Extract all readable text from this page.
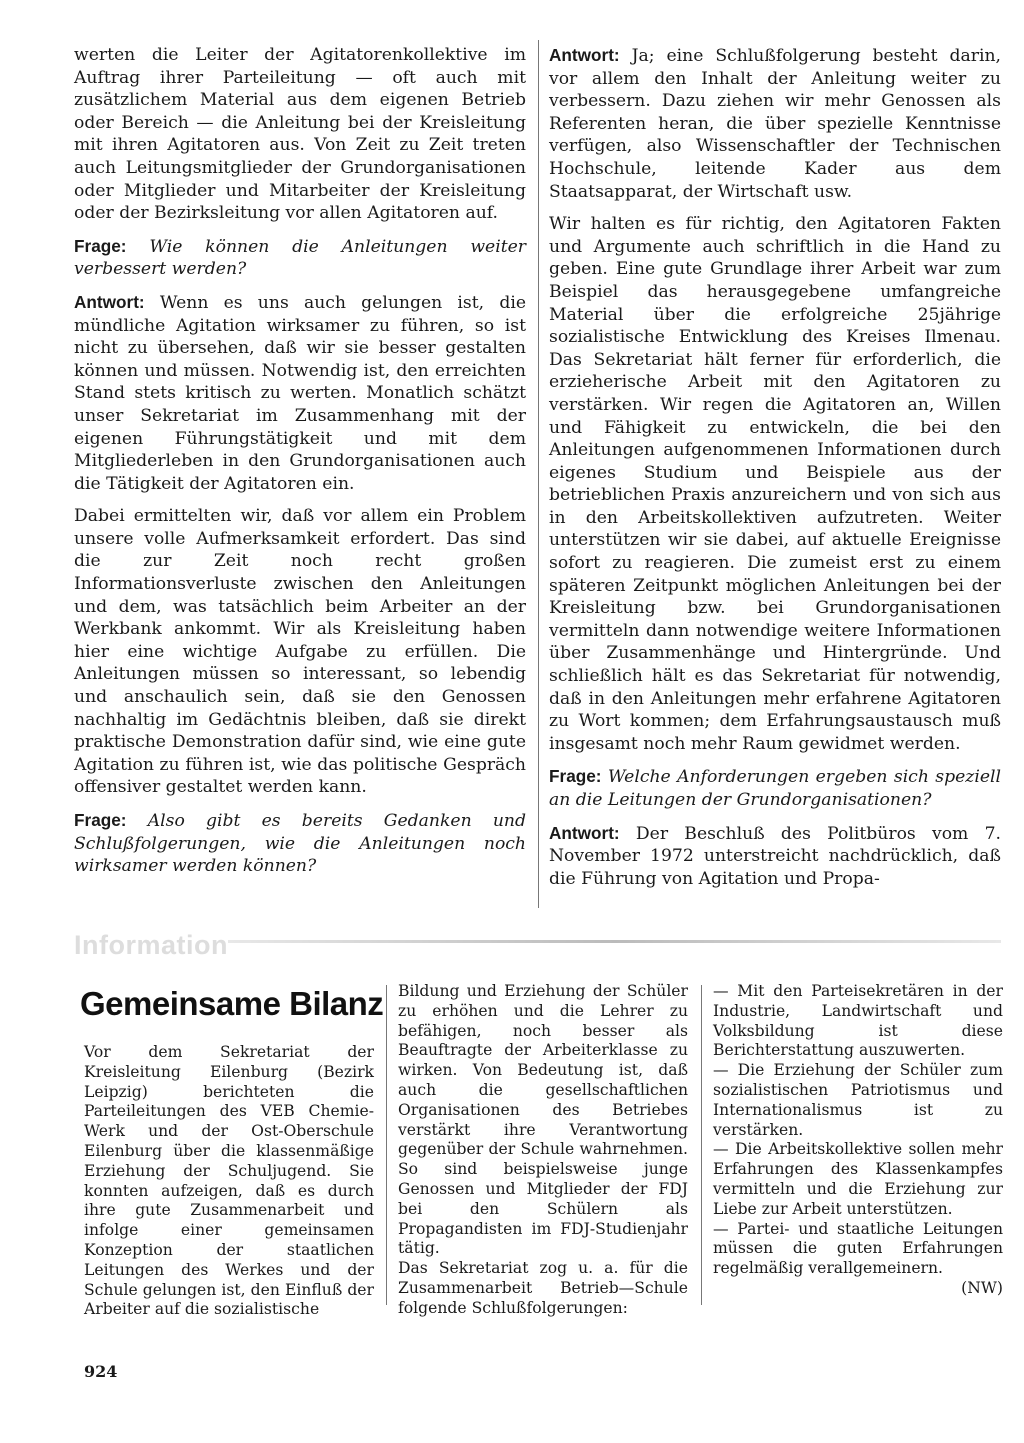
werten die Leiter der Agitatorenkollektive im Auftrag ihrer Parteileitung — oft auch mit zusätzlichem Material aus dem eigenen Betrieb oder Bereich — die Anleitung bei der Kreisleitung mit ihren Agitatoren aus. Von Zeit zu Zeit treten auch Leitungsmitglieder der Grundorganisationen oder Mitglieder und Mitarbeiter der Kreisleitung oder der Bezirksleitung vor allen Agitatoren auf.

Frage: Wie können die Anleitungen weiter verbessert werden?

Antwort: Wenn es uns auch gelungen ist, die mündliche Agitation wirksamer zu führen, so ist nicht zu übersehen, daß wir sie besser gestalten können und müssen. Notwendig ist, den erreichten Stand stets kritisch zu werten. Monatlich schätzt unser Sekretariat im Zusammenhang mit der eigenen Führungstätigkeit und mit dem Mitgliederleben in den Grundorganisationen auch die Tätigkeit der Agitatoren ein.

Dabei ermittelten wir, daß vor allem ein Problem unsere volle Aufmerksamkeit erfordert. Das sind die zur Zeit noch recht großen Informationsverluste zwischen den Anleitungen und dem, was tatsächlich beim Arbeiter an der Werkbank ankommt. Wir als Kreisleitung haben hier eine wichtige Aufgabe zu erfüllen. Die Anleitungen müssen so interessant, so lebendig und anschaulich sein, daß sie den Genossen nachhaltig im Gedächtnis bleiben, daß sie direkt praktische Demonstration dafür sind, wie eine gute Agitation zu führen ist, wie das politische Gespräch offensiver gestaltet werden kann.

Frage: Also gibt es bereits Gedanken und Schlußfolgerungen, wie die Anleitungen noch wirksamer werden können?

Antwort: Ja; eine Schlußfolgerung besteht darin, vor allem den Inhalt der Anleitung weiter zu verbessern. Dazu ziehen wir mehr Genossen als Referenten heran, die über spezielle Kenntnisse verfügen, also Wissenschaftler der Technischen Hochschule, leitende Kader aus dem Staatsapparat, der Wirtschaft usw.

Wir halten es für richtig, den Agitatoren Fakten und Argumente auch schriftlich in die Hand zu geben. Eine gute Grundlage ihrer Arbeit war zum Beispiel das herausgegebene umfangreiche Material über die erfolgreiche 25jährige sozialistische Entwicklung des Kreises Ilmenau. Das Sekretariat hält ferner für erforderlich, die erzieherische Arbeit mit den Agitatoren zu verstärken. Wir regen die Agitatoren an, Willen und Fähigkeit zu entwickeln, die bei den Anleitungen aufgenommenen Informationen durch eigenes Studium und Beispiele aus der betrieblichen Praxis anzureichern und von sich aus in den Arbeitskollektiven aufzutreten. Weiter unterstützen wir sie dabei, auf aktuelle Ereignisse sofort zu reagieren. Die zumeist erst zu einem späteren Zeitpunkt möglichen Anleitungen bei der Kreisleitung bzw. bei Grundorganisationen vermitteln dann notwendige weitere Informationen über Zusammenhänge und Hintergründe. Und schließlich hält es das Sekretariat für notwendig, daß in den Anleitungen mehr erfahrene Agitatoren zu Wort kommen; dem Erfahrungsaustausch muß insgesamt noch mehr Raum gewidmet werden.

Frage: Welche Anforderungen ergeben sich speziell an die Leitungen der Grundorganisationen?

Antwort: Der Beschluß des Politbüros vom 7. November 1972 unterstreicht nachdrücklich, daß die Führung von Agitation und Propa-

Information
Gemeinsame Bilanz

Vor dem Sekretariat der Kreisleitung Eilenburg (Bezirk Leipzig) berichteten die Parteileitungen des VEB Chemie-Werk und der Ost-Oberschule Eilenburg über die klassenmäßige Erziehung der Schuljugend. Sie konnten aufzeigen, daß es durch ihre gute Zusammenarbeit und infolge einer gemeinsamen Konzeption der staatlichen Leitungen des Werkes und der Schule gelungen ist, den Einfluß der Arbeiter auf die sozialistische

Bildung und Erziehung der Schüler zu erhöhen und die Lehrer zu befähigen, noch besser als Beauftragte der Arbeiterklasse zu wirken. Von Bedeutung ist, daß auch die gesellschaftlichen Organisationen des Betriebes verstärkt ihre Verantwortung gegenüber der Schule wahrnehmen. So sind beispielsweise junge Genossen und Mitglieder der FDJ bei den Schülern als Propagandisten im FDJ-Studienjahr tätig.

Das Sekretariat zog u. a. für die Zusammenarbeit Betrieb—Schule folgende Schlußfolgerungen:

— Mit den Parteisekretären in der Industrie, Landwirtschaft und Volksbildung ist diese Berichterstattung auszuwerten.

— Die Erziehung der Schüler zum sozialistischen Patriotismus und Internationalismus ist zu verstärken.

— Die Arbeitskollektive sollen mehr Erfahrungen des Klassenkampfes vermitteln und die Erziehung zur Liebe zur Arbeit unterstützen.

— Partei- und staatliche Leitungen müssen die guten Erfahrungen regelmäßig verallgemeinern.

(NW)

924
